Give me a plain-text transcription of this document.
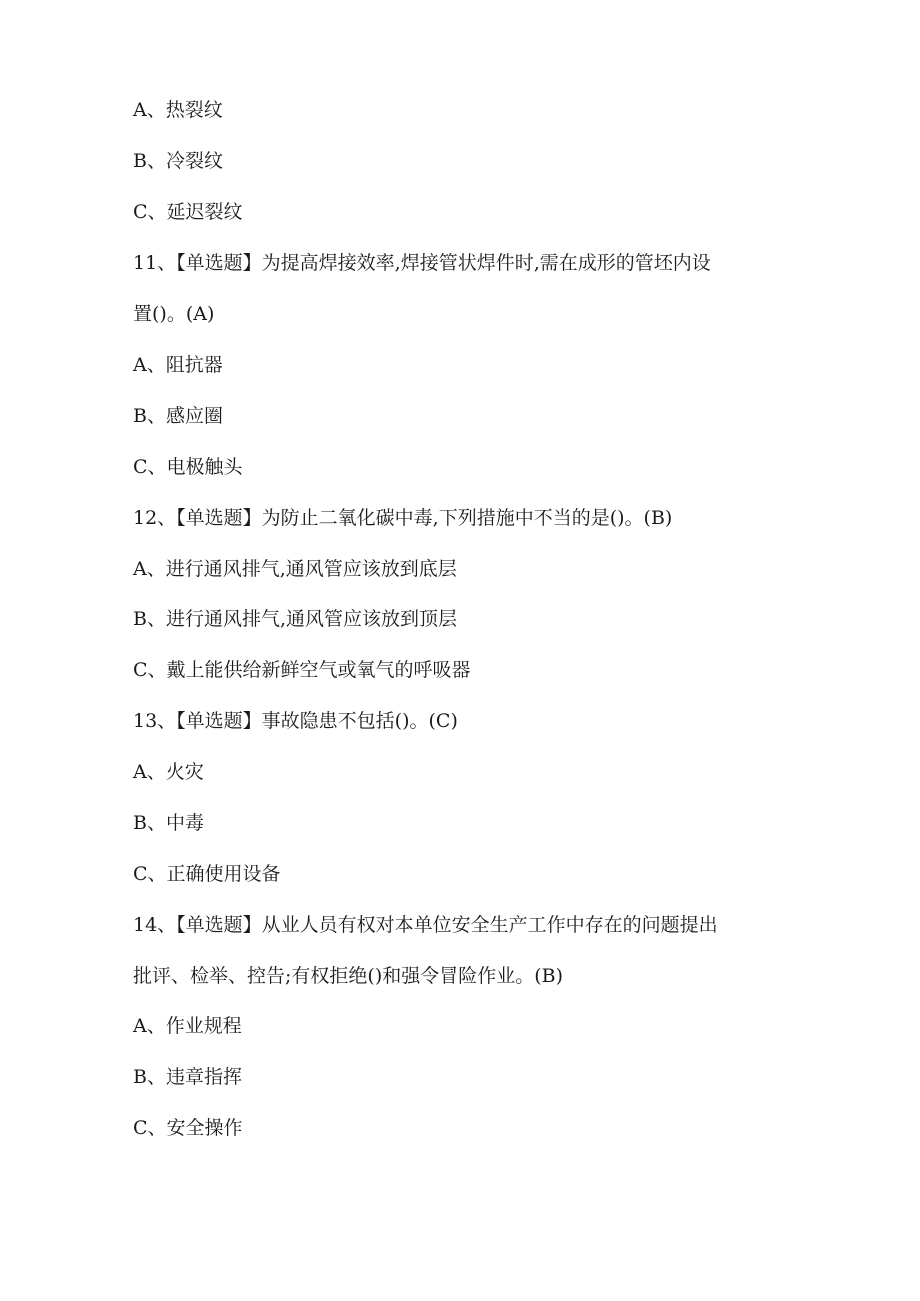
A、热裂纹
B、冷裂纹
C、延迟裂纹
11、【单选题】为提高焊接效率,焊接管状焊件时,需在成形的管坯内设
置()。(A)
A、阻抗器
B、感应圈
C、电极触头
12、【单选题】为防止二氧化碳中毒,下列措施中不当的是()。(B)
A、进行通风排气,通风管应该放到底层
B、进行通风排气,通风管应该放到顶层
C、戴上能供给新鲜空气或氧气的呼吸器
13、【单选题】事故隐患不包括()。(C)
A、火灾
B、中毒
C、正确使用设备
14、【单选题】从业人员有权对本单位安全生产工作中存在的问题提出
批评、检举、控告;有权拒绝()和强令冒险作业。(B)
A、作业规程
B、违章指挥
C、安全操作
